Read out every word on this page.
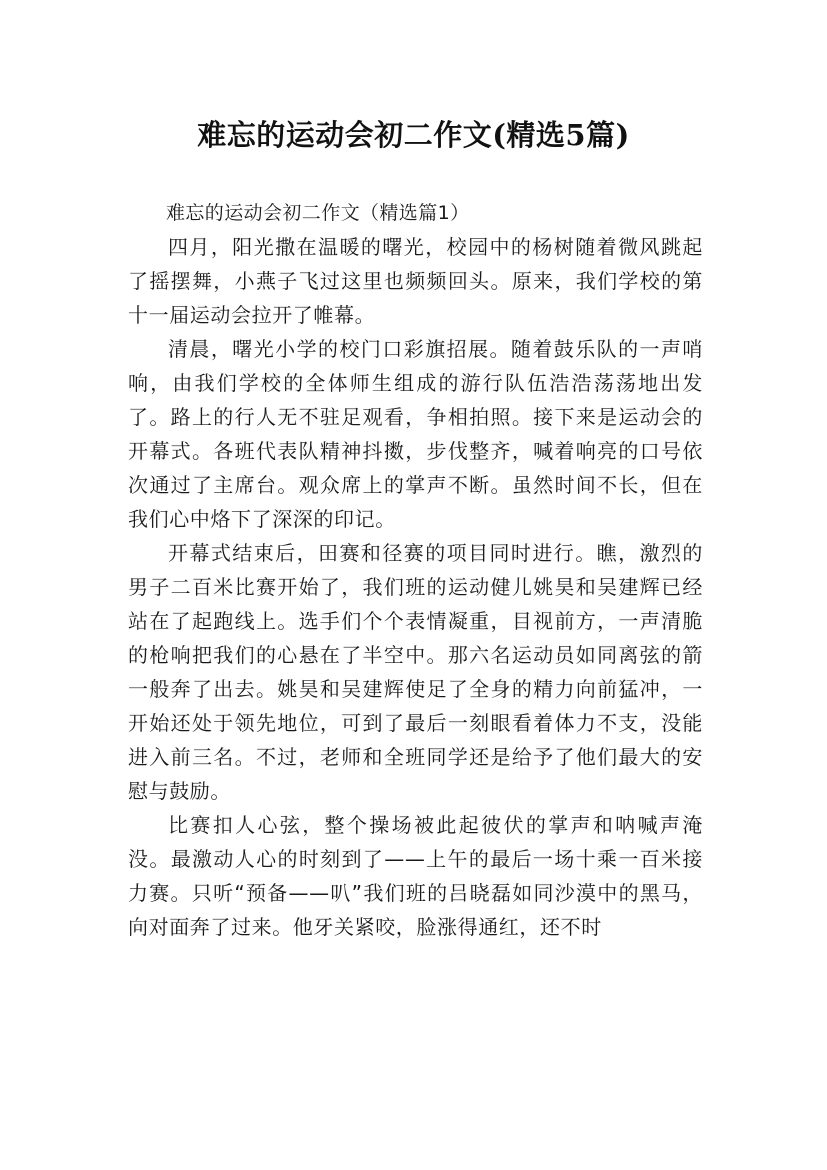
难忘的运动会初二作文(精选5篇)

难忘的运动会初二作文（精选篇1）

四月，阳光撒在温暖的曙光，校园中的杨树随着微风跳起了摇摆舞，小燕子飞过这里也频频回头。原来，我们学校的第十一届运动会拉开了帷幕。

清晨，曙光小学的校门口彩旗招展。随着鼓乐队的一声哨响，由我们学校的全体师生组成的游行队伍浩浩荡荡地出发了。路上的行人无不驻足观看，争相拍照。接下来是运动会的开幕式。各班代表队精神抖擞，步伐整齐，喊着响亮的口号依次通过了主席台。观众席上的掌声不断。虽然时间不长，但在我们心中烙下了深深的印记。

开幕式结束后，田赛和径赛的项目同时进行。瞧，激烈的男子二百米比赛开始了，我们班的运动健儿姚昊和吴建辉已经站在了起跑线上。选手们个个表情凝重，目视前方，一声清脆的枪响把我们的心悬在了半空中。那六名运动员如同离弦的箭一般奔了出去。姚昊和吴建辉使足了全身的精力向前猛冲，一开始还处于领先地位，可到了最后一刻眼看着体力不支，没能进入前三名。不过，老师和全班同学还是给予了他们最大的安慰与鼓励。

比赛扣人心弦，整个操场被此起彼伏的掌声和呐喊声淹没。最激动人心的时刻到了——上午的最后一场十乘一百米接力赛。只听“预备——叭”我们班的吕晓磊如同沙漠中的黑马，向对面奔了过来。他牙关紧咬，脸涨得通红，还不时
